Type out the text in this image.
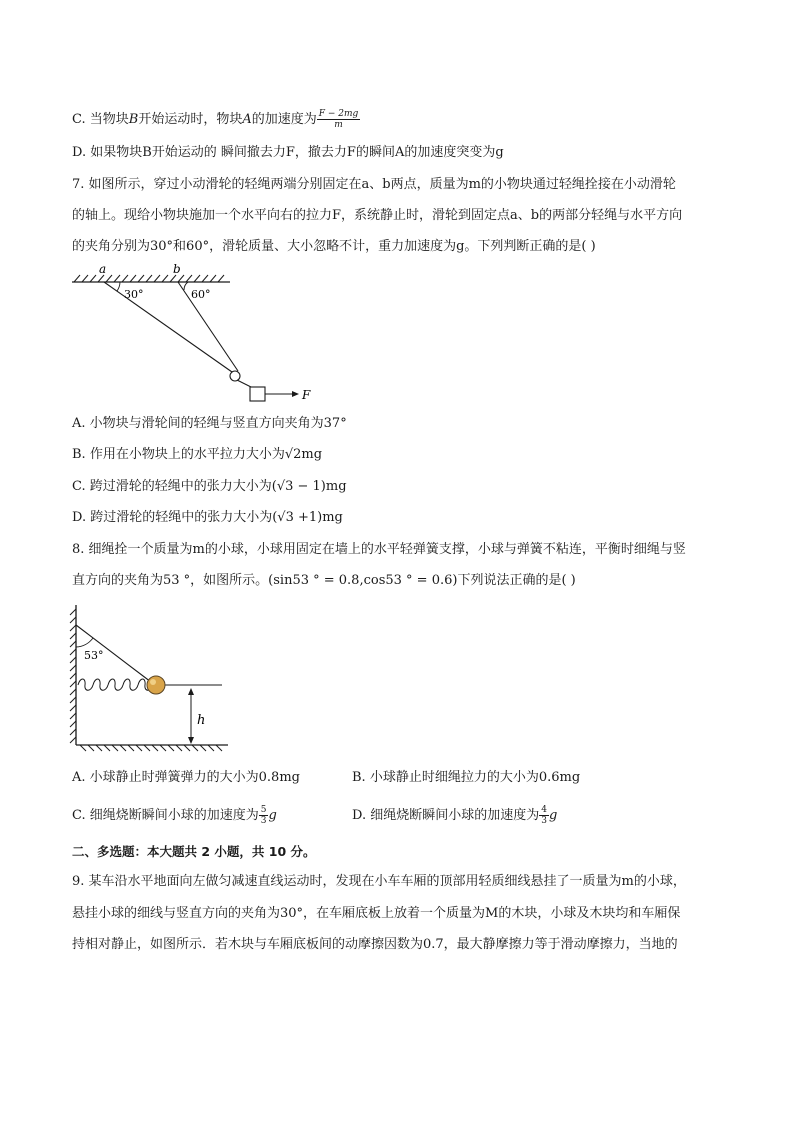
C. 当物块B开始运动时，物块A的加速度为 $\frac{F - 2mg}{m}$
D. 如果物块B开始运动的 瞬间撤去力F，撤去力F的瞬间A的加速度突变为g
7. 如图所示，穿过小动滑轮的轻绳两端分别固定在a、b两点，质量为m的小物块通过轻绳拴接在小动滑轮
的轴上。现给小物块施加一个水平向右的拉力F，系统静止时，滑轮到固定点a、b的两部分轻绳与水平方向
的夹角分别为30°和60°，滑轮质量、大小忽略不计，重力加速度为g。下列判断正确的是( )
a	b
30°	60°
F
A. 小物块与滑轮间的轻绳与竖直方向夹角为37°
B. 作用在小物块上的水平拉力大小为√2mg
C. 跨过滑轮的轻绳中的张力大小为(√3 − 1)mg
D. 跨过滑轮的轻绳中的张力大小为(√3 +1)mg
8. 细绳拴一个质量为m的小球，小球用固定在墙上的水平轻弹簧支撑，小球与弹簧不粘连，平衡时细绳与竖
直方向的夹角为53 °，如图所示。(sin53 ° = 0.8,cos53 ° = 0.6)下列说法正确的是( )
53°
h
A. 小球静止时弹簧弹力的大小为0.8mg	B. 小球静止时细绳拉力的大小为0.6mg
C. 细绳烧断瞬间小球的加速度为 $\frac{5}{3}$ g	D. 细绳烧断瞬间小球的加速度为 $\frac{4}{3}$ g
二、多选题：本大题共 2 小题，共 10 分。
9. 某车沿水平地面向左做匀减速直线运动时，发现在小车车厢的顶部用轻质细线悬挂了一质量为m的小球，
悬挂小球的细线与竖直方向的夹角为30°，在车厢底板上放着一个质量为M的木块，小球及木块均和车厢保
持相对静止，如图所示．若木块与车厢底板间的动摩擦因数为0.7，最大静摩擦力等于滑动摩擦力，当地的
